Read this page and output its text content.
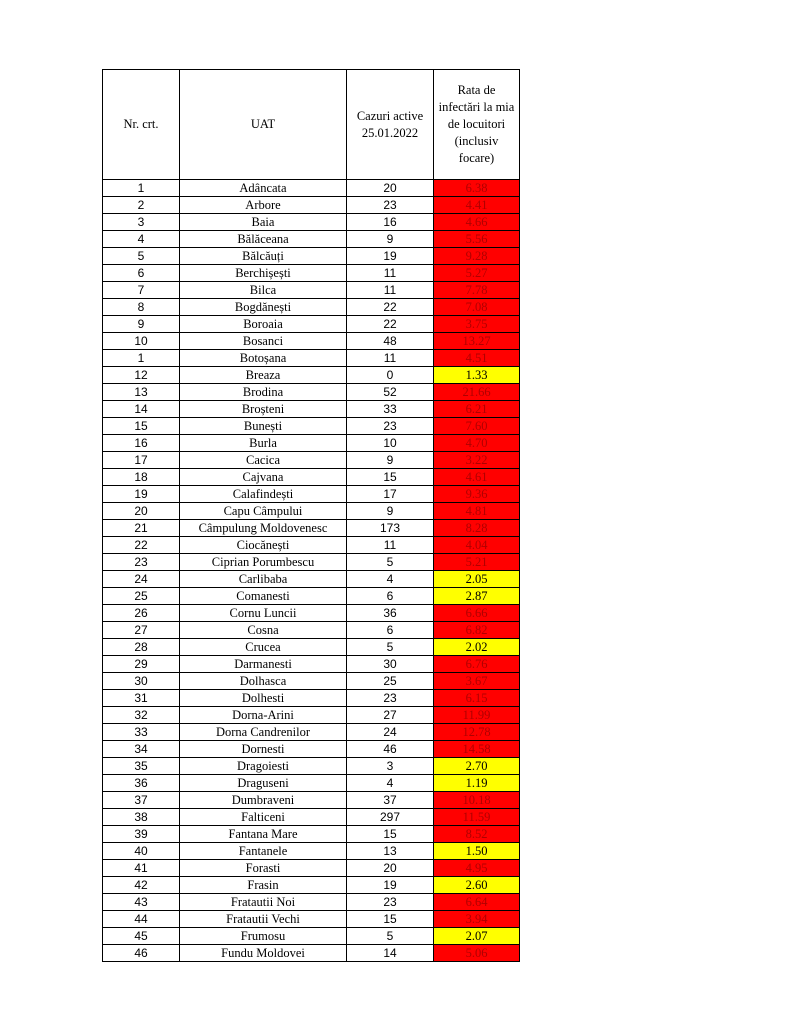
Nr. crt.	UAT	Cazuri active 25.01.2022	Rata de infectări la mia de locuitori (inclusiv focare)

1	Adâncata	20	6.38
2	Arbore	23	4.41
3	Baia	16	4.66
4	Bălăceana	9	5.56
5	Bălcăuți	19	9.28
6	Berchișești	11	5.27
7	Bilca	11	7.78
8	Bogdănești	22	7.08
9	Boroaia	22	3.75
10	Bosanci	48	13.27
1	Botoșana	11	4.51
12	Breaza	0	1.33
13	Brodina	52	21.66
14	Broșteni	33	6.21
15	Bunești	23	7.60
16	Burla	10	4.70
17	Cacica	9	3.22
18	Cajvana	15	4.61
19	Calafindești	17	9.36
20	Capu Câmpului	9	4.81
21	Câmpulung Moldovenesc	173	8.28
22	Ciocănești	11	4.04
23	Ciprian Porumbescu	5	5.21
24	Carlibaba	4	2.05
25	Comanesti	6	2.87
26	Cornu Luncii	36	6.66
27	Cosna	6	6.82
28	Crucea	5	2.02
29	Darmanesti	30	6.76
30	Dolhasca	25	3.67
31	Dolhesti	23	6.15
32	Dorna-Arini	27	11.99
33	Dorna Candrenilor	24	12.78
34	Dornesti	46	14.58
35	Dragoiesti	3	2.70
36	Draguseni	4	1.19
37	Dumbraveni	37	10.18
38	Falticeni	297	11.59
39	Fantana Mare	15	8.52
40	Fantanele	13	1.50
41	Forasti	20	4.95
42	Frasin	19	2.60
43	Fratautii Noi	23	6.64
44	Fratautii Vechi	15	3.94
45	Frumosu	5	2.07
46	Fundu Moldovei	14	5.06
